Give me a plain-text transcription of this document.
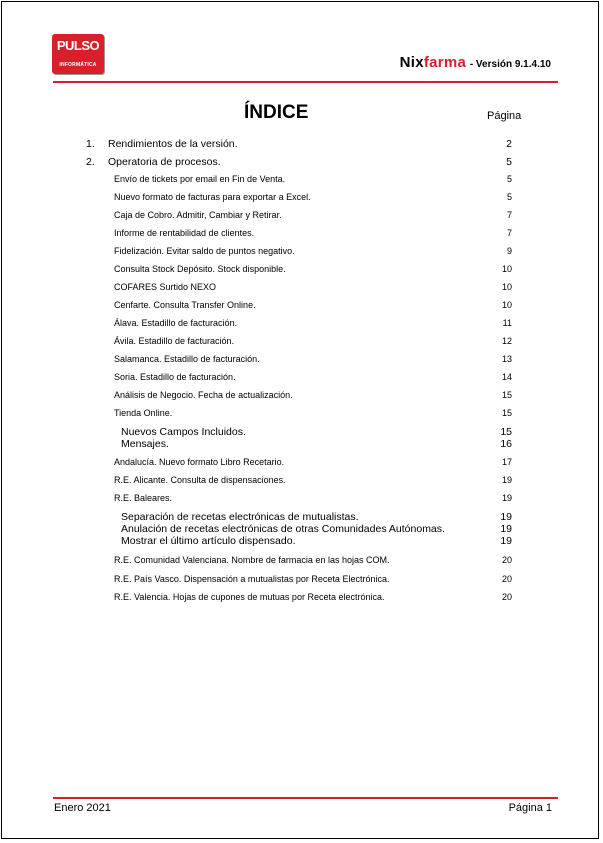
PULSO
INFORMÁTICA	Nixfarma - Versión 9.1.4.10
ÍNDICE	Página
1. Rendimientos de la versión.	2
2. Operatoria de procesos.	5
Envío de tickets por email en Fin de Venta.	5
Nuevo formato de facturas para exportar a Excel.	5
Caja de Cobro. Admitir, Cambiar y Retirar.	7
Informe de rentabilidad de clientes.	7
Fidelización. Evitar saldo de puntos negativo.	9
Consulta Stock Depósito. Stock disponible.	10
COFARES Surtido NEXO	10
Cenfarte. Consulta Transfer Online.	10
Álava. Estadillo de facturación.	11
Ávila. Estadillo de facturación.	12
Salamanca. Estadillo de facturación.	13
Soria. Estadillo de facturación.	14
Análisis de Negocio. Fecha de actualización.	15
Tienda Online.	15
Nuevos Campos Incluidos.	15
Mensajes.	16
Andalucía. Nuevo formato Libro Recetario.	17
R.E. Alicante. Consulta de dispensaciones.	19
R.E. Baleares.	19
Separación de recetas electrónicas de mutualistas.	19
Anulación de recetas electrónicas de otras Comunidades Autónomas.	19
Mostrar el último artículo dispensado.	19
R.E. Comunidad Valenciana. Nombre de farmacia en las hojas COM.	20
R.E. País Vasco. Dispensación a mutualistas por Receta Electrónica.	20
R.E. Valencia. Hojas de cupones de mutuas por Receta electrónica.	20
Enero 2021	Página 1
